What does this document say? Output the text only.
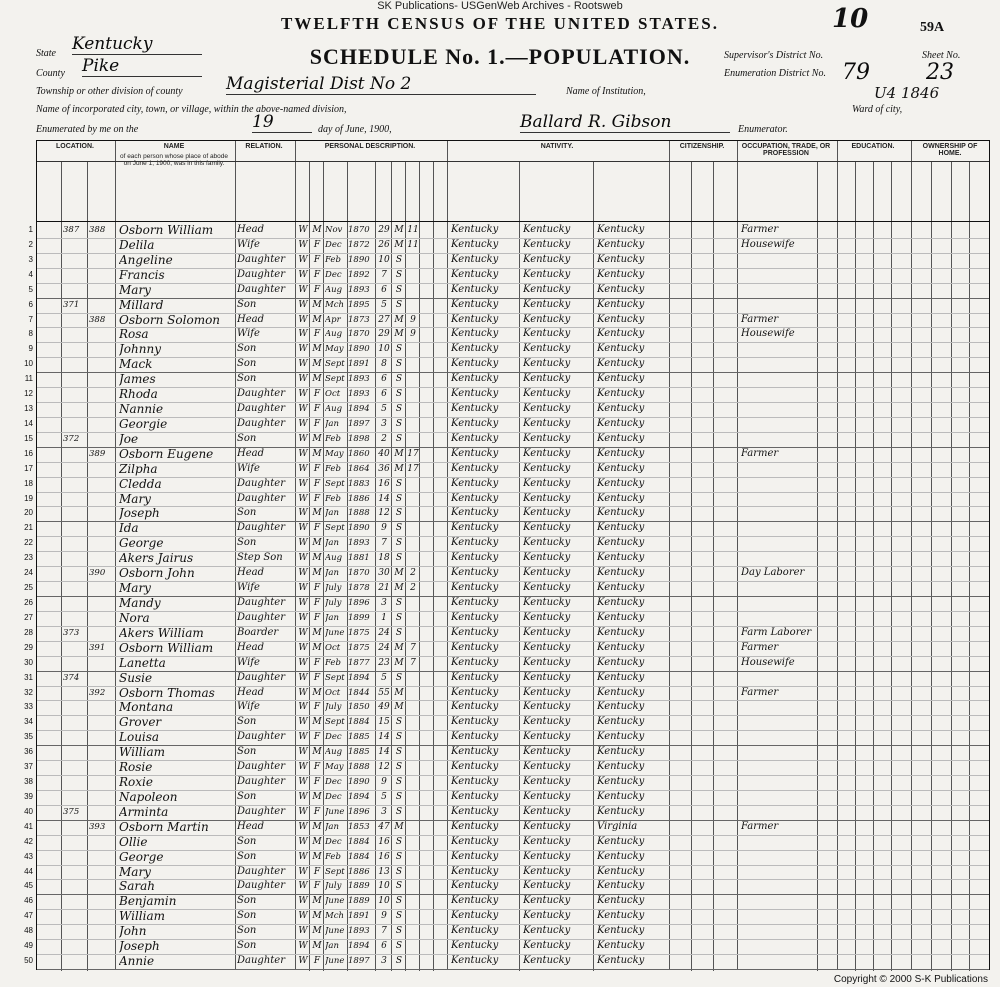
SK Publications- USGenWeb Archives - Rootsweb
TWELFTH CENSUS OF THE UNITED STATES.
SCHEDULE No. 1.—POPULATION.
10	59A
Supervisor's District No.
Enumeration District No. 79
Sheet No.
23
U4 1846
State Kentucky
County Pike
Township or other division of county	Magisterial Dist No 2	Name of Institution,
Name of incorporated city, town, or village, within the above-named division,	Ward of city,
Enumerated by me on the	19	day of June, 1900,	Ballard R. Gibson	Enumerator.
LOCATION.	NAME
of each person whose place of abode on June 1, 1900, was in this family.
RELATION.	PERSONAL DESCRIPTION.	NATIVITY.	CITIZENSHIP.	OCCUPATION, TRADE, OR PROFESSION
EDUCATION.	OWNERSHIP OF HOME.
1	387	388	Osborn William	Head	W M Nov 1870 29 M 11	Kentucky	Kentucky	Kentucky	Farmer
2	Delila	Wife	W F Dec 1872 26 M 11	Kentucky	Kentucky	Kentucky	Housewife
3	Angeline	Daughter	W F Feb 1890 10 S	Kentucky	Kentucky	Kentucky
4	Francis	Daughter	W F Dec 1892	7	S	Kentucky	Kentucky	Kentucky
5	Mary	Daughter	W F Aug 1893	6	S	Kentucky	Kentucky	Kentucky
6	371	Millard	Son	W M Mch 1895	5	S	Kentucky	Kentucky	Kentucky
7	388	Osborn Solomon	Head	W M Apr 1873 27 M 9	Kentucky	Kentucky	Kentucky	Farmer
8	Rosa	Wife	W F Aug 1870 29 M 9	Kentucky	Kentucky	Kentucky	Housewife
9	Johnny	Son	W M May 1890 10 S	Kentucky	Kentucky	Kentucky
10	Mack	Son	W M Sept 1891	8	S	Kentucky	Kentucky	Kentucky
11	James	Son	W M Sept 1893	6	S	Kentucky	Kentucky	Kentucky
12	Rhoda	Daughter	W F Oct 1893	6	S	Kentucky	Kentucky	Kentucky
13	Nannie	Daughter	W F Aug 1894	5	S	Kentucky	Kentucky	Kentucky
14	Georgie	Daughter	W F Jan	1897	3	S	Kentucky	Kentucky	Kentucky
15	372	Joe	Son	W M Feb 1898	2	S	Kentucky	Kentucky	Kentucky
16	389	Osborn Eugene	Head	W M May 1860 40 M 17	Kentucky	Kentucky	Kentucky	Farmer
17	Zilpha	Wife	W F Feb 1864 36 M 17	Kentucky	Kentucky	Kentucky
18	Cledda	Daughter	W F Sept 1883 16 S	Kentucky	Kentucky	Kentucky
19	Mary	Daughter	W F Feb 1886 14 S	Kentucky	Kentucky	Kentucky
20	Joseph	Son	W M Jan	1888 12 S	Kentucky	Kentucky	Kentucky
21	Ida	Daughter	W F Sept 1890	9	S	Kentucky	Kentucky	Kentucky
22	George	Son	W M Jan	1893	7	S	Kentucky	Kentucky	Kentucky
23	Akers Jairus	Step Son	W M Aug 1881 18 S	Kentucky	Kentucky	Kentucky
24	390	Osborn John	Head	W M Jan	1870 30 M 2	Kentucky	Kentucky	Kentucky	Day Laborer
25	Mary	Wife	W F July 1878 21 M 2	Kentucky	Kentucky	Kentucky
26	Mandy	Daughter	W F July 1896	3	S	Kentucky	Kentucky	Kentucky
27	Nora	Daughter	W F Jan	1899	1	S	Kentucky	Kentucky	Kentucky
28	373	Akers William	Boarder	W M June 1875 24 S	Kentucky	Kentucky	Kentucky	Farm Laborer
29	391	Osborn William	Head	W M Oct 1875 24 M 7	Kentucky	Kentucky	Kentucky	Farmer
30	Lanetta	Wife	W F Feb 1877 23 M 7	Kentucky	Kentucky	Kentucky	Housewife
31	374	Susie	Daughter	W F Sept 1894	5	S	Kentucky	Kentucky	Kentucky
32	392	Osborn Thomas	Head	W M Oct 1844 55 M	Kentucky	Kentucky	Kentucky	Farmer
33	Montana	Wife	W F July 1850 49 M	Kentucky	Kentucky	Kentucky
34	Grover	Son	W M Sept 1884 15 S	Kentucky	Kentucky	Kentucky
35	Louisa	Daughter	W F Dec 1885 14 S	Kentucky	Kentucky	Kentucky
36	William	Son	W M Aug 1885 14 S	Kentucky	Kentucky	Kentucky
37	Rosie	Daughter	W F May 1888 12 S	Kentucky	Kentucky	Kentucky
38	Roxie	Daughter	W F Dec 1890	9	S	Kentucky	Kentucky	Kentucky
39	Napoleon	Son	W M Dec 1894	5	S	Kentucky	Kentucky	Kentucky
40	375	Arminta	Daughter	W F June 1896	3	S	Kentucky	Kentucky	Kentucky
41	393	Osborn Martin	Head	W M Jan	1853 47 M	Kentucky	Kentucky	Virginia	Farmer
42	Ollie	Son	W M Dec 1884 16 S	Kentucky	Kentucky	Kentucky
43	George	Son	W M Feb 1884 16 S	Kentucky	Kentucky	Kentucky
44	Mary	Daughter	W F Sept 1886 13 S	Kentucky	Kentucky	Kentucky
45	Sarah	Daughter	W F July 1889 10 S	Kentucky	Kentucky	Kentucky
46	Benjamin	Son	W M June 1889 10 S	Kentucky	Kentucky	Kentucky
47	William	Son	W M Mch 1891	9	S	Kentucky	Kentucky	Kentucky
48	John	Son	W M June 1893	7	S	Kentucky	Kentucky	Kentucky
49	Joseph	Son	W M Jan	1894	6	S	Kentucky	Kentucky	Kentucky
50	Annie	Daughter	W F June 1897	3	S	Kentucky	Kentucky	Kentucky
Copyright © 2000 S-K Publications
